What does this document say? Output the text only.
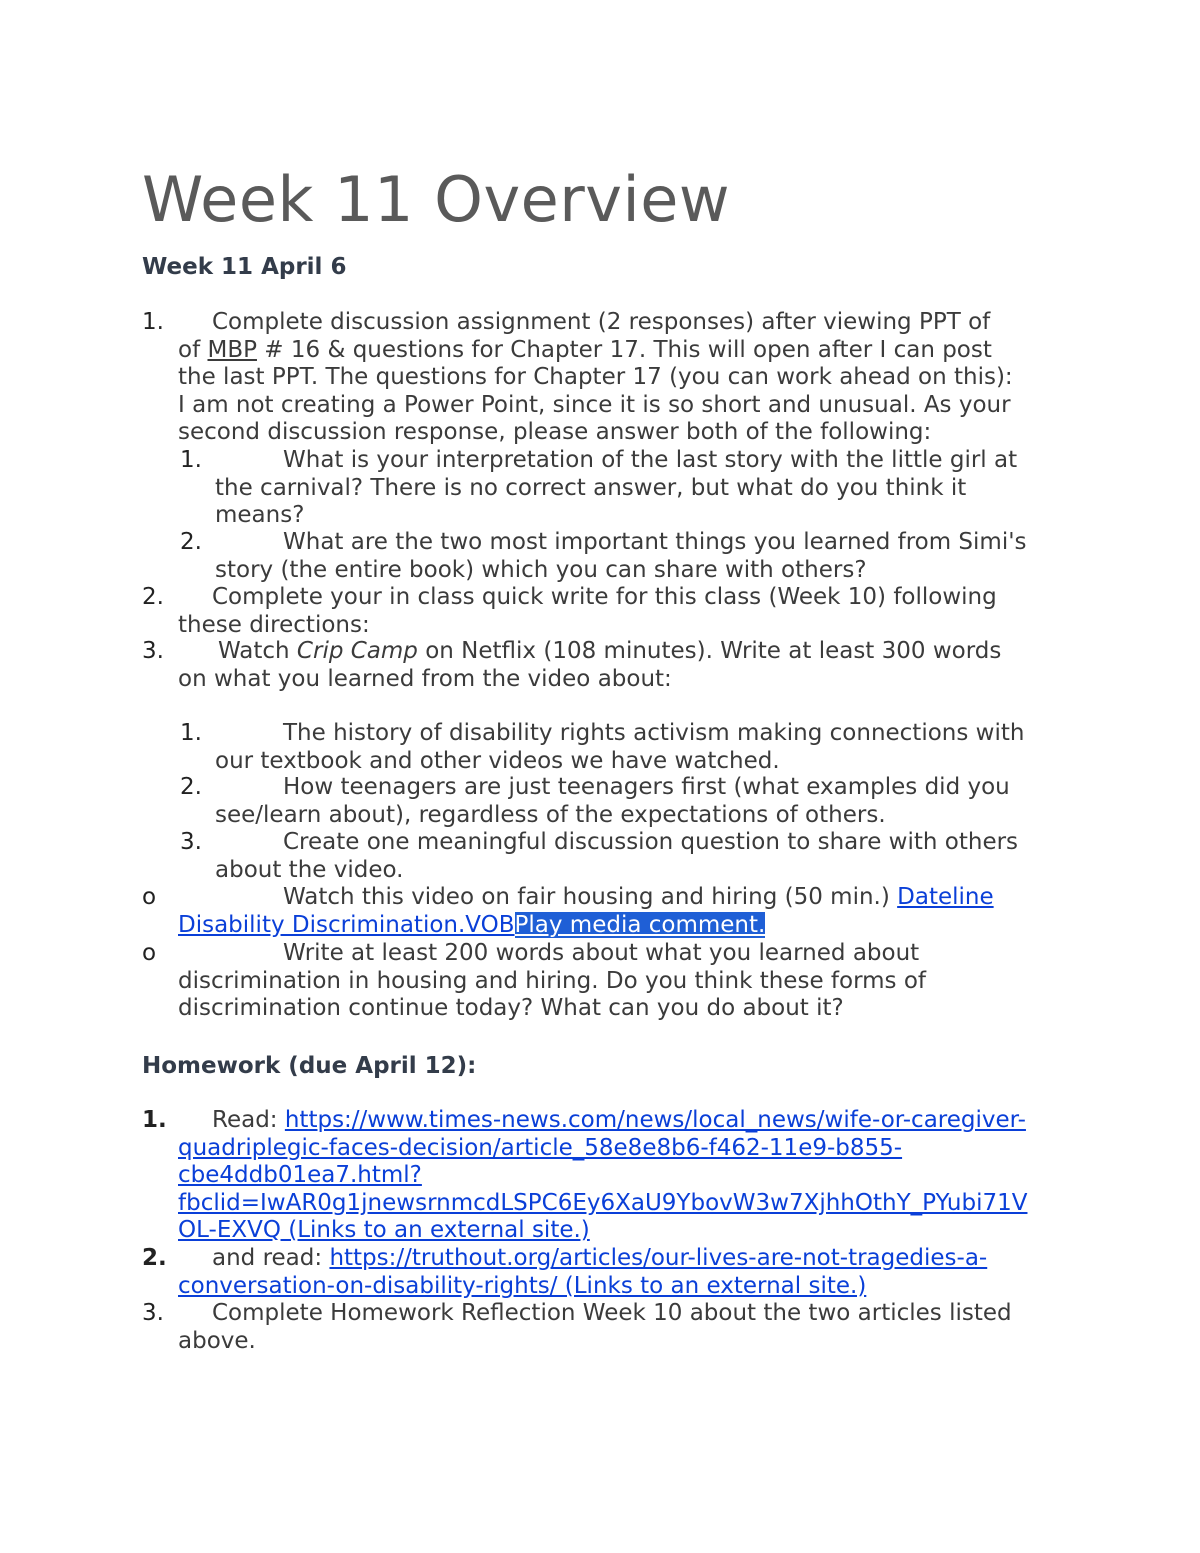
Week 11 Overview
Week 11 April 6
1.	Complete discussion assignment (2 responses) after viewing PPT of
of MBP # 16 & questions for Chapter 17. This will open after I can post
the last PPT. The questions for Chapter 17 (you can work ahead on this):
I am not creating a Power Point, since it is so short and unusual. As your
second discussion response, please answer both of the following:
1.	What is your interpretation of the last story with the little girl at
the carnival? There is no correct answer, but what do you think it
means?
2.	What are the two most important things you learned from Simi's
story (the entire book) which you can share with others?
2.	Complete your in class quick write for this class (Week 10) following
these directions:
3.	Watch Crip Camp on Netflix (108 minutes). Write at least 300 words
on what you learned from the video about:
1.	The history of disability rights activism making connections with
our textbook and other videos we have watched.
2.	How teenagers are just teenagers first (what examples did you
see/learn about), regardless of the expectations of others.
3.	Create one meaningful discussion question to share with others
about the video.
o	Watch this video on fair housing and hiring (50 min.) Dateline
Disability Discrimination.VOBPlay media comment.
o	Write at least 200 words about what you learned about
discrimination in housing and hiring. Do you think these forms of
discrimination continue today? What can you do about it?
Homework (due April 12):
1.	Read: https://www.times-news.com/news/local_news/wife-or-caregiver-
quadriplegic-faces-decision/article_58e8e8b6-f462-11e9-b855-
cbe4ddb01ea7.html?
fbclid=IwAR0g1jnewsrnmcdLSPC6Ey6XaU9YbovW3w7XjhhOthY_PYubi71V
OL-EXVQ (Links to an external site.)
2.	and read: https://truthout.org/articles/our-lives-are-not-tragedies-a-
conversation-on-disability-rights/ (Links to an external site.)
3.	Complete Homework Reflection Week 10 about the two articles listed
above.
